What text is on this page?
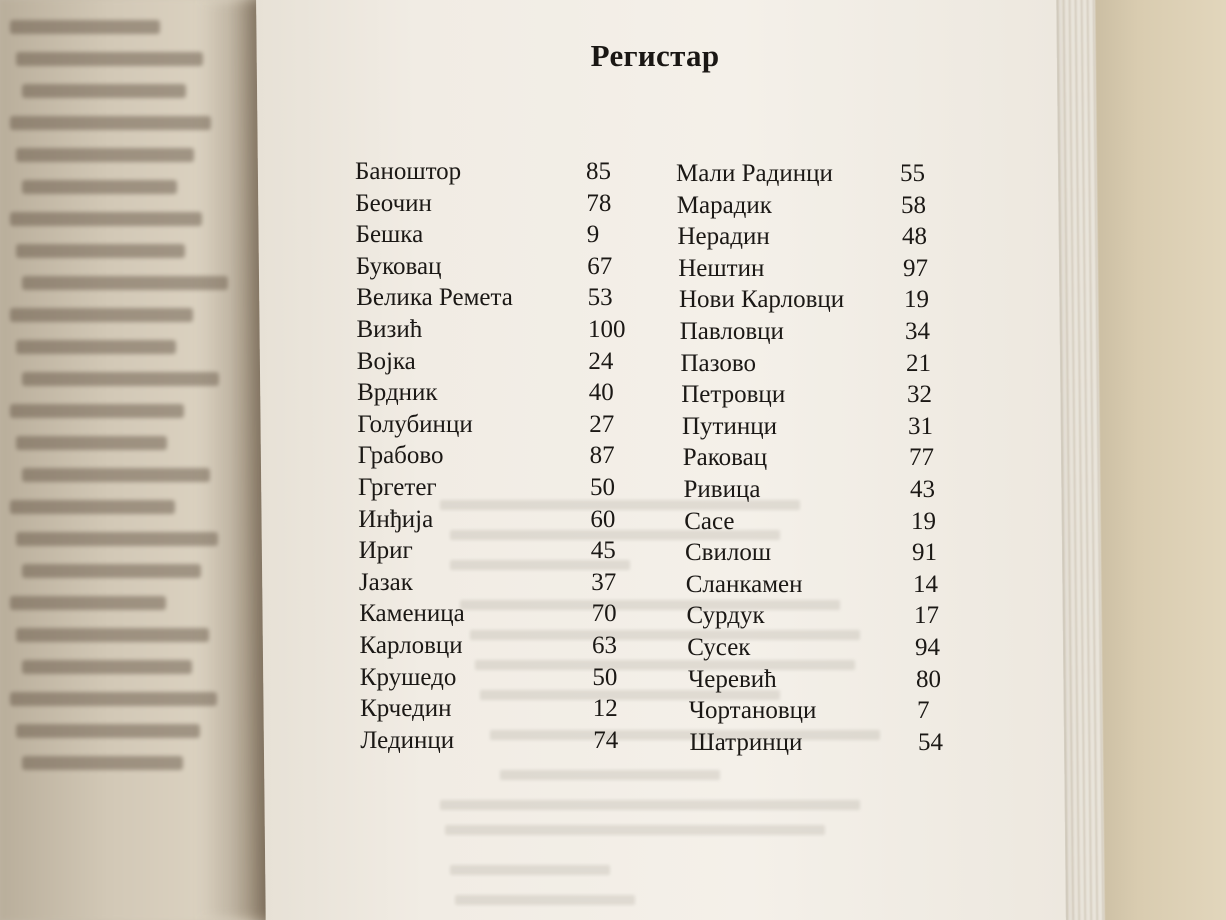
Регистар
Баноштор	85
Беочин	78
Бешка	9
Буковац	67
Велика Ремета	53
Визић	100
Војка	24
Врдник	40
Голубинци	27
Грабово	87
Гргетег	50
Инђија	60
Ириг	45
Јазак	37
Каменица	70
Карловци	63
Крушедо	50
Крчедин	12
Лединци	74
Мали Радинци	55
Марадик	58
Нерадин	48
Нештин	97
Нови Карловци 19
Павловци	34
Пазово	21
Петровци	32
Путинци	31
Раковац	77
Ривица	43
Сасе	19
Свилош	91
Сланкамен	14
Сурдук	17
Сусек	94
Черевић	80
Чортановци	7
Шатринци	54
